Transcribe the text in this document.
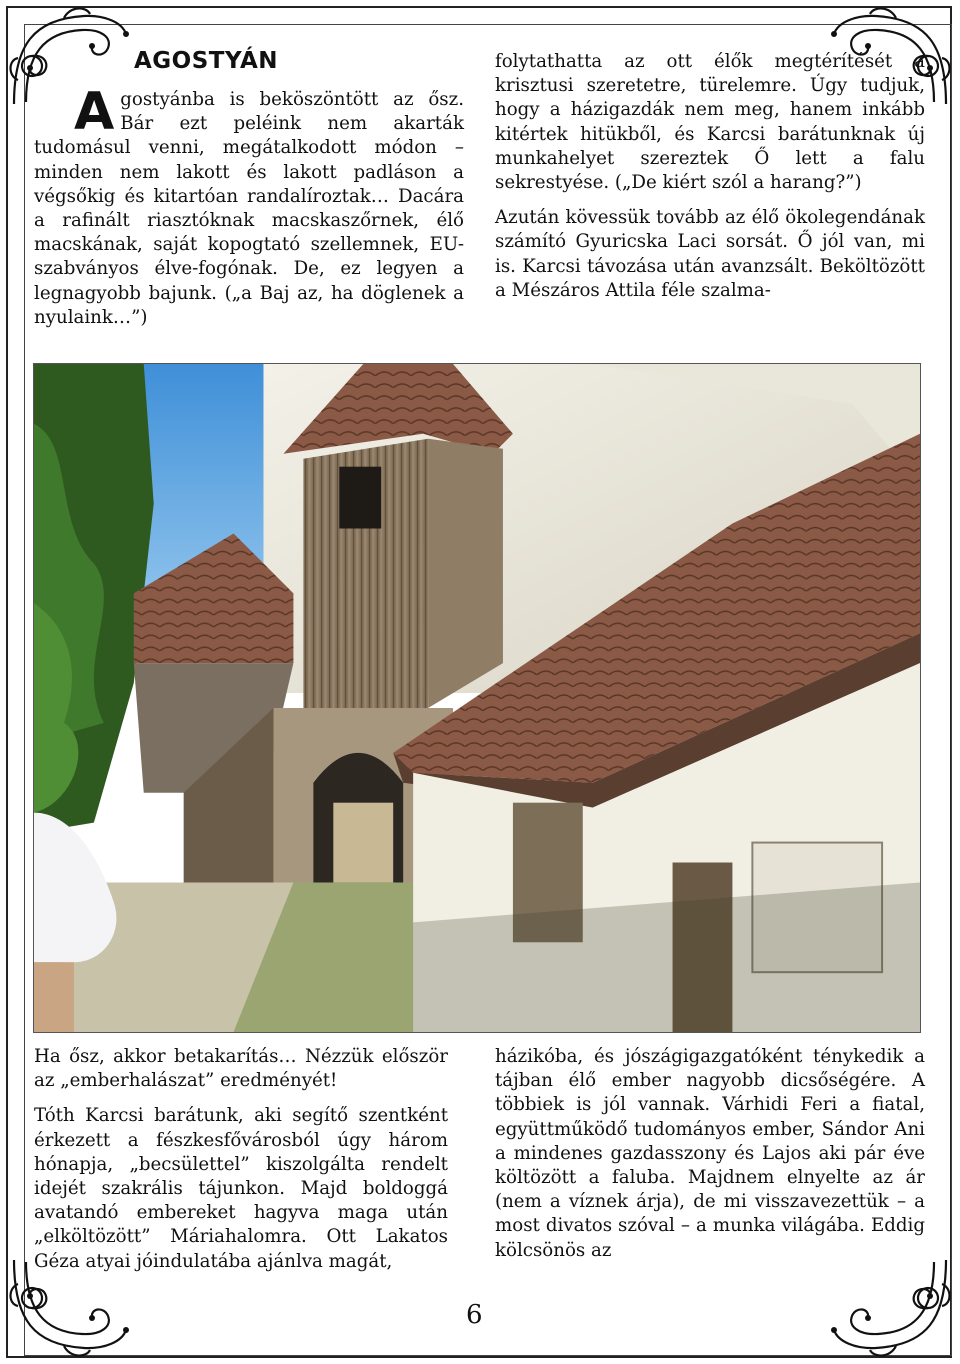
AGOSTYÁN

Agostyánba is beköszöntött az ősz. Bár ezt peléink nem akarták tudomásul venni, megátalkodott módon – minden nem lakott és lakott padláson a végsőkig és kitartóan randalíroztak… Dacára a rafinált riasztóknak macskaszőrnek, élő macskának, saját kopogtató szellemnek, EU-szabványos élve-fogónak. De, ez legyen a legnagyobb bajunk. („a Baj az, ha döglenek a nyulaink…”)

folytathatta az ott élők megtérítését a krisztusi szeretetre, türelemre. Úgy tudjuk, hogy a házigazdák nem meg, hanem inkább kitértek hitükből, és Karcsi barátunknak új munkahelyet szereztek Ő lett a falu sekrestyése. („De kiért szól a harang?”)

Azután kövessük tovább az élő ökolegendának számító Gyuricska Laci sorsát. Ő jól van, mi is. Karcsi távozása után avanzsált. Beköltözött a Mészáros Attila féle szalma-

Ha ősz, akkor betakarítás… Nézzük először az „emberhalászat” eredményét!

Tóth Karcsi barátunk, aki segítő szentként érkezett a fészkesfővárosból úgy három hónapja, „becsülettel” kiszolgálta rendelt idejét szakrális tájunkon. Majd boldoggá avatandó embereket hagyva maga után „elköltözött” Máriahalomra. Ott Lakatos Géza atyai jóindulatába ajánlva magát,

házikóba, és jószágigazgatóként ténykedik a tájban élő ember nagyobb dicsőségére. A többiek is jól vannak. Várhidi Feri a fiatal, együttműködő tudományos ember, Sándor Ani a mindenes gazdasszony és Lajos aki pár éve költözött a faluba. Majdnem elnyelte az ár (nem a víznek árja), de mi visszavezettük – a most divatos szóval – a munka világába. Eddig kölcsönös az

6
